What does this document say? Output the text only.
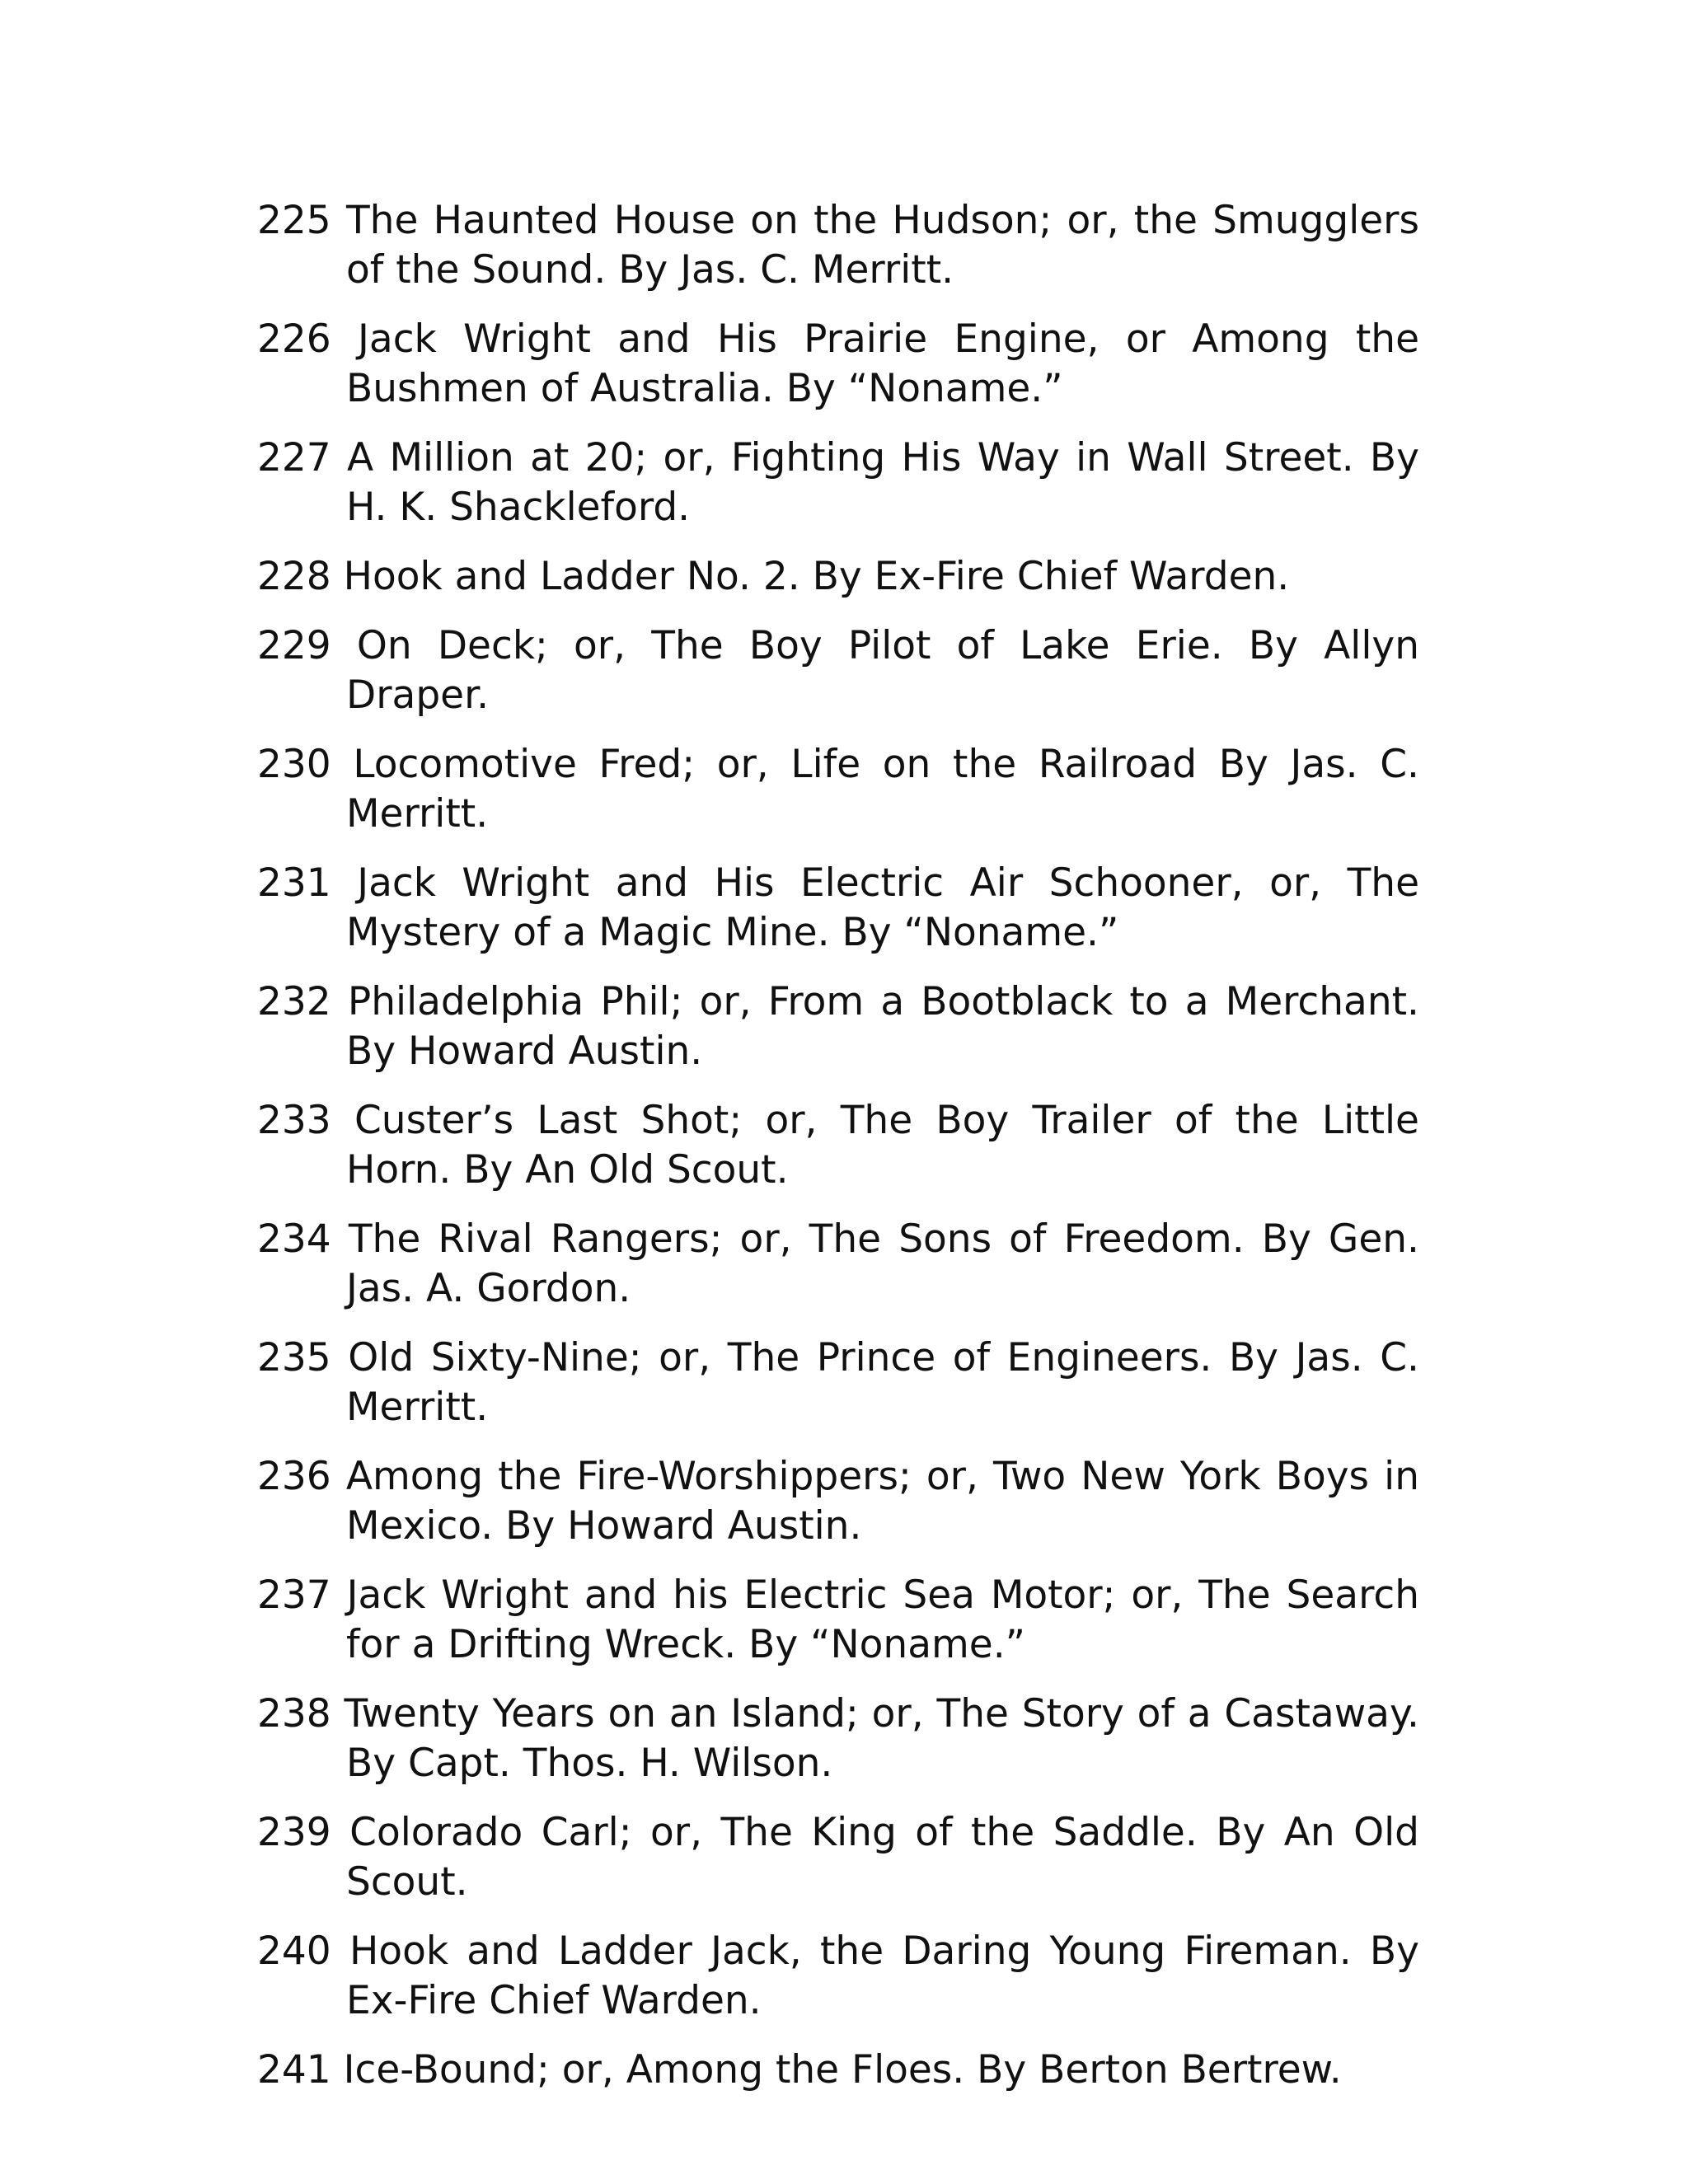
225 The Haunted House on the Hudson; or, the Smugglers of the Sound. By Jas. C. Merritt.
226 Jack Wright and His Prairie Engine, or Among the Bushmen of Australia. By “Noname.”
227 A Million at 20; or, Fighting His Way in Wall Street. By H. K. Shackleford.
228 Hook and Ladder No. 2. By Ex-Fire Chief Warden.
229 On Deck; or, The Boy Pilot of Lake Erie. By Allyn Draper.
230 Locomotive Fred; or, Life on the Railroad By Jas. C. Merritt.
231 Jack Wright and His Electric Air Schooner, or, The Mystery of a Magic Mine. By “Noname.”
232 Philadelphia Phil; or, From a Bootblack to a Merchant. By Howard Austin.
233 Custer’s Last Shot; or, The Boy Trailer of the Little Horn. By An Old Scout.
234 The Rival Rangers; or, The Sons of Freedom. By Gen. Jas. A. Gordon.
235 Old Sixty-Nine; or, The Prince of Engineers. By Jas. C. Merritt.
236 Among the Fire-Worshippers; or, Two New York Boys in Mexico. By Howard Austin.
237 Jack Wright and his Electric Sea Motor; or, The Search for a Drifting Wreck. By “Noname.”
238 Twenty Years on an Island; or, The Story of a Castaway. By Capt. Thos. H. Wilson.
239 Colorado Carl; or, The King of the Saddle. By An Old Scout.
240 Hook and Ladder Jack, the Daring Young Fireman. By Ex-Fire Chief Warden.
241 Ice-Bound; or, Among the Floes. By Berton Bertrew.
